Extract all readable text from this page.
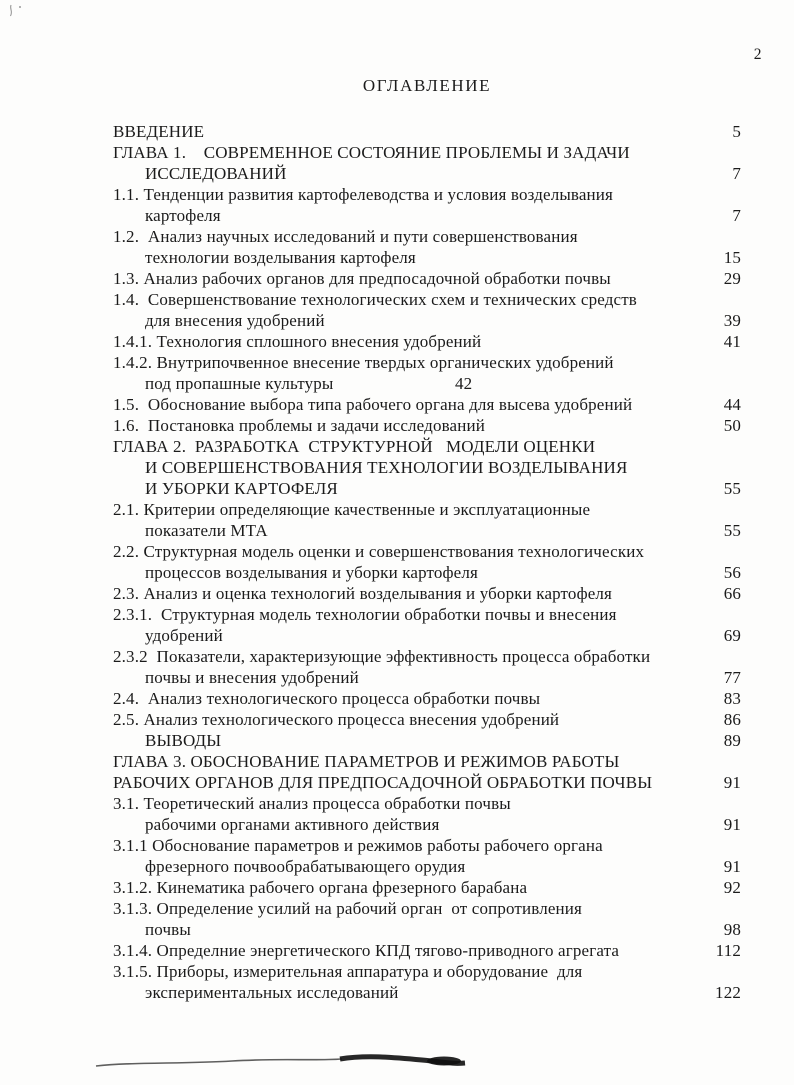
2
ОГЛАВЛЕНИЕ
ВВЕДЕНИЕ	5
ГЛАВА 1.    СОВРЕМЕННОЕ СОСТОЯНИЕ ПРОБЛЕМЫ И ЗАДАЧИ
ИССЛЕДОВАНИЙ	7
1.1. Тенденции развития картофелеводства и условия возделывания
картофеля	7
1.2.  Анализ научных исследований и пути совершенствования
технологии возделывания картофеля	15
1.3. Анализ рабочих органов для предпосадочной обработки почвы	29
1.4.  Совершенствование технологических схем и технических средств
для внесения удобрений	39
1.4.1. Технология сплошного внесения удобрений	41
1.4.2. Внутрипочвенное внесение твердых органических удобрений
под пропашные культуры	42
1.5.  Обоснование выбора типа рабочего органа для высева удобрений	44
1.6.  Постановка проблемы и задачи исследований	50
ГЛАВА 2.  РАЗРАБОТКА  СТРУКТУРНОЙ   МОДЕЛИ ОЦЕНКИ
И СОВЕРШЕНСТВОВАНИЯ ТЕХНОЛОГИИ ВОЗДЕЛЫВАНИЯ
И УБОРКИ КАРТОФЕЛЯ	55
2.1. Критерии определяющие качественные и эксплуатационные
показатели МТА	55
2.2. Структурная модель оценки и совершенствования технологических
процессов возделывания и уборки картофеля	56
2.3. Анализ и оценка технологий возделывания и уборки картофеля	66
2.3.1.  Структурная модель технологии обработки почвы и внесения
удобрений	69
2.3.2  Показатели, характеризующие эффективность процесса обработки
почвы и внесения удобрений	77
2.4.  Анализ технологического процесса обработки почвы	83
2.5. Анализ технологического процесса внесения удобрений	86
ВЫВОДЫ	89
ГЛАВА 3. ОБОСНОВАНИЕ ПАРАМЕТРОВ И РЕЖИМОВ РАБОТЫ
РАБОЧИХ ОРГАНОВ ДЛЯ ПРЕДПОСАДОЧНОЙ ОБРАБОТКИ ПОЧВЫ	91
3.1. Теоретический анализ процесса обработки почвы
рабочими органами активного действия	91
3.1.1 Обоснование параметров и режимов работы рабочего органа
фрезерного почвообрабатывающего орудия	91
3.1.2. Кинематика рабочего органа фрезерного барабана	92
3.1.3. Определение усилий на рабочий орган  от сопротивления
почвы	98
3.1.4. Определние энергетического КПД тягово-приводного агрегата	112
3.1.5. Приборы, измерительная аппаратура и оборудование  для
экспериментальных исследований	122
